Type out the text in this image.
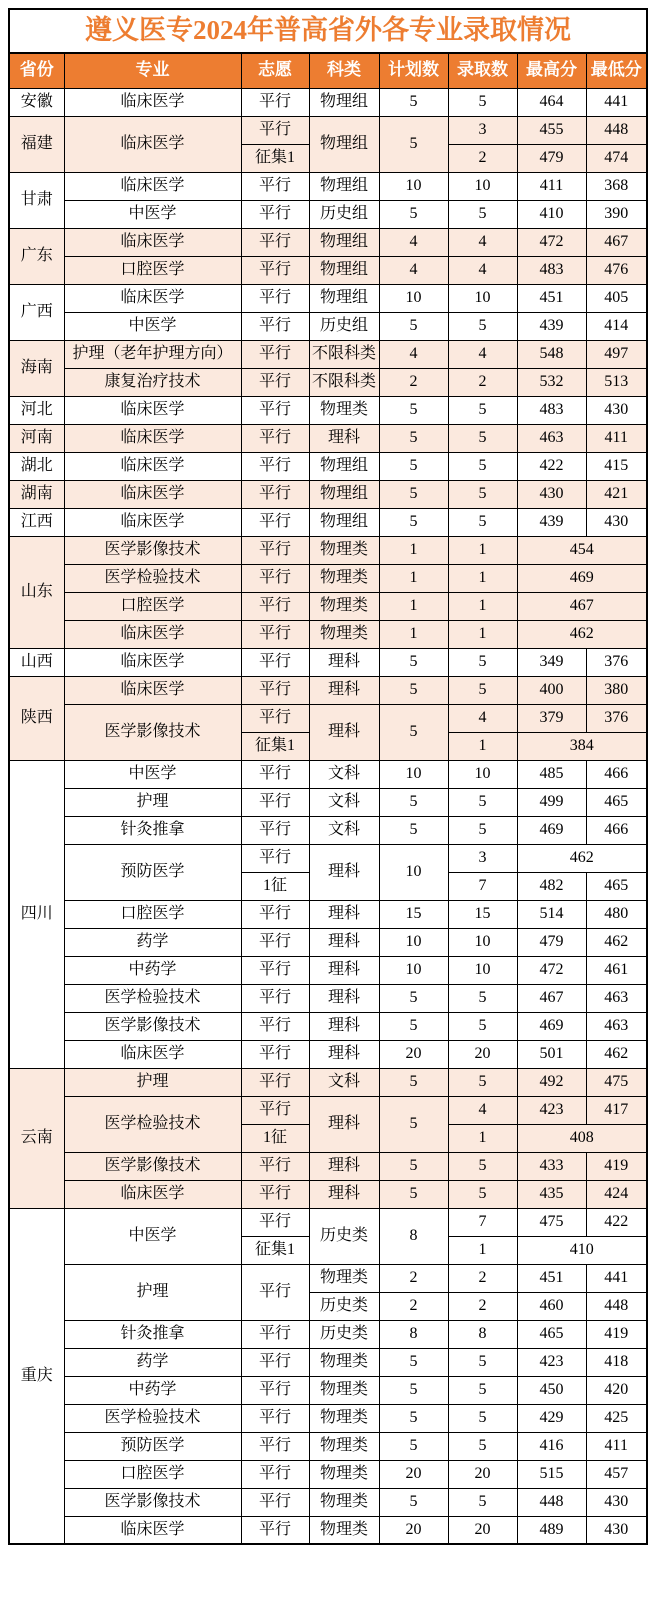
遵义医专2024年普高省外各专业录取情况							
省份	专业	志愿	科类	计划数	录取数	最高分	最低分
安徽	临床医学	平行	物理组	5	5	464	441
福建	临床医学	平行	物理组	5	3	455	448
		征集1			2	479	474
甘肃	临床医学	平行	物理组	10	10	411	368
	中医学	平行	历史组	5	5	410	390
广东	临床医学	平行	物理组	4	4	472	467
	口腔医学	平行	物理组	4	4	483	476
广西	临床医学	平行	物理组	10	10	451	405
	中医学	平行	历史组	5	5	439	414
海南	护理（老年护理方向）	平行	不限科类	4	4	548	497
	康复治疗技术	平行	不限科类	2	2	532	513
河北	临床医学	平行	物理类	5	5	483	430
河南	临床医学	平行	理科	5	5	463	411
湖北	临床医学	平行	物理组	5	5	422	415
湖南	临床医学	平行	物理组	5	5	430	421
江西	临床医学	平行	物理组	5	5	439	430
山东	医学影像技术	平行	物理类	1	1	454	
	医学检验技术	平行	物理类	1	1	469	
	口腔医学	平行	物理类	1	1	467	
	临床医学	平行	物理类	1	1	462	
山西	临床医学	平行	理科	5	5	349	376
陕西	临床医学	平行	理科	5	5	400	380
	医学影像技术	平行	理科	5	4	379	376
		征集1			1	384	
四川	中医学	平行	文科	10	10	485	466
	护理	平行	文科	5	5	499	465
	针灸推拿	平行	文科	5	5	469	466
	预防医学	平行	理科	10	3	462	
		1征			7	482	465
	口腔医学	平行	理科	15	15	514	480
	药学	平行	理科	10	10	479	462
	中药学	平行	理科	10	10	472	461
	医学检验技术	平行	理科	5	5	467	463
	医学影像技术	平行	理科	5	5	469	463
	临床医学	平行	理科	20	20	501	462
云南	护理	平行	文科	5	5	492	475
	医学检验技术	平行	理科	5	4	423	417
		1征			1	408	
	医学影像技术	平行	理科	5	5	433	419
	临床医学	平行	理科	5	5	435	424
重庆	中医学	平行	历史类	8	7	475	422
		征集1			1	410	
	护理	平行	物理类	2	2	451	441
			历史类	2	2	460	448
	针灸推拿	平行	历史类	8	8	465	419
	药学	平行	物理类	5	5	423	418
	中药学	平行	物理类	5	5	450	420
	医学检验技术	平行	物理类	5	5	429	425
	预防医学	平行	物理类	5	5	416	411
	口腔医学	平行	物理类	20	20	515	457
	医学影像技术	平行	物理类	5	5	448	430
	临床医学	平行	物理类	20	20	489	430
